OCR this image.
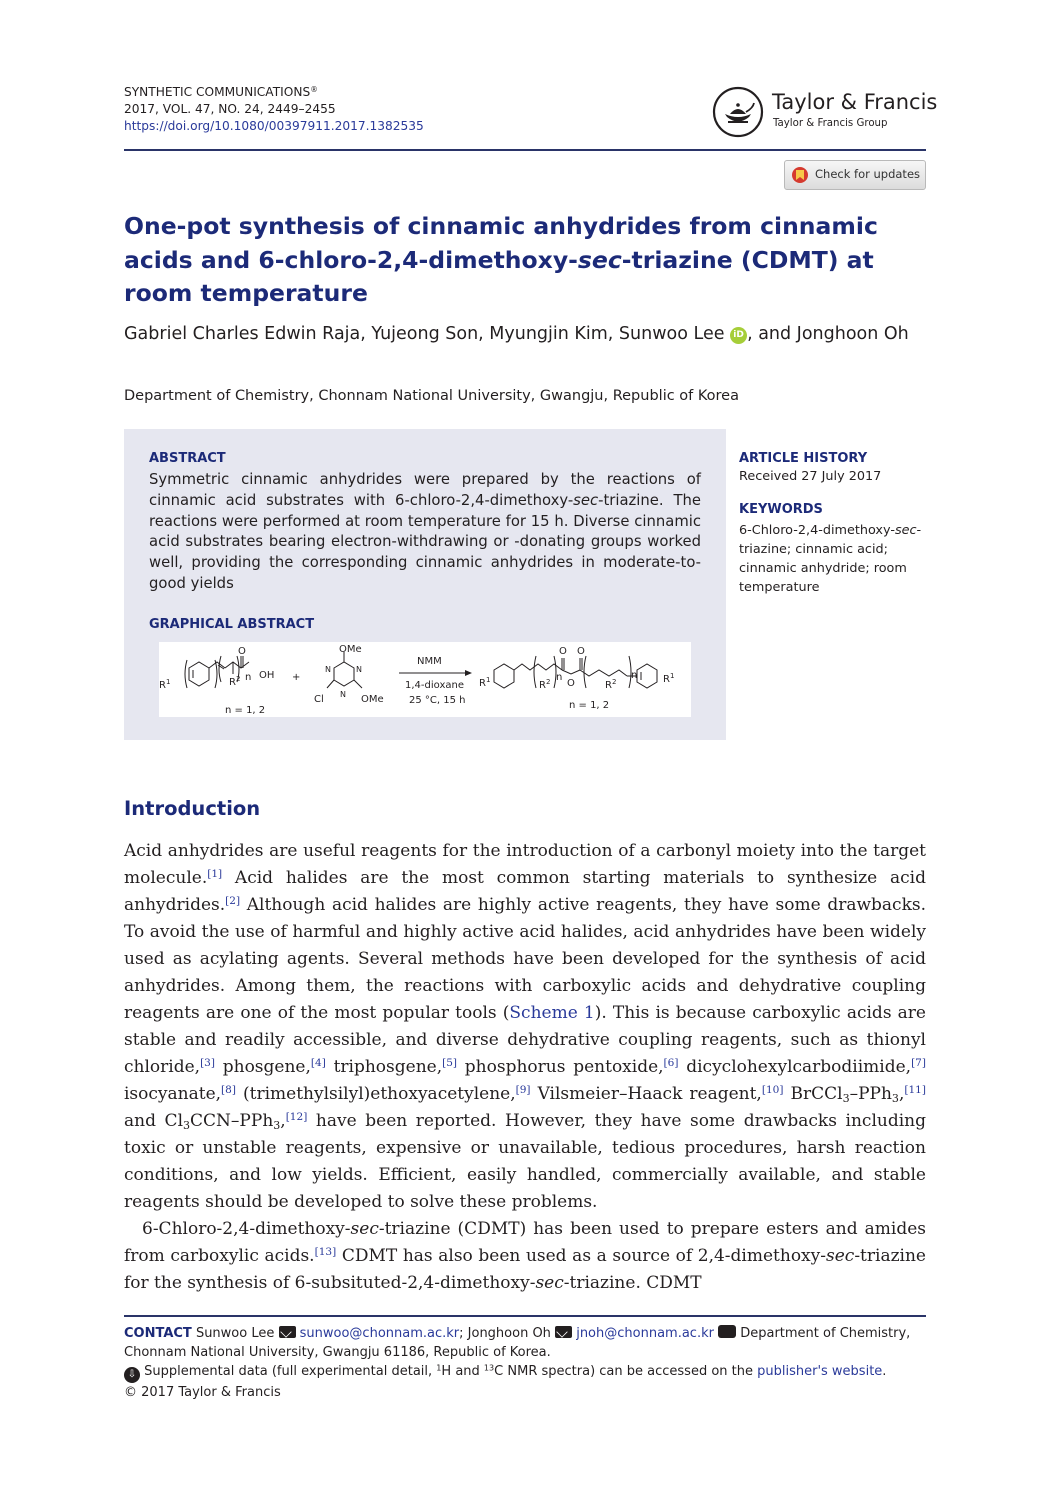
SYNTHETIC COMMUNICATIONS®
2017, VOL. 47, NO. 24, 2449–2455
https://doi.org/10.1080/00397911.2017.1382535
Taylor & Francis
Taylor & Francis Group
Check for updates
One-pot synthesis of cinnamic anhydrides from cinnamic acids and 6-chloro-2,4-dimethoxy-sec-triazine (CDMT) at room temperature
Gabriel Charles Edwin Raja, Yujeong Son, Myungjin Kim, Sunwoo Lee iD , and Jonghoon Oh
Department of Chemistry, Chonnam National University, Gwangju, Republic of Korea
ABSTRACT
Symmetric cinnamic anhydrides were prepared by the reactions of cinnamic acid substrates with 6-chloro-2,4-dimethoxy-sec-triazine. The reactions were performed at room temperature for 15 h. Diverse cinnamic acid substrates bearing electron-withdrawing or -donating groups worked well, providing the corresponding cinnamic anhydrides in moderate-to-good yields
GRAPHICAL ABSTRACT
$R^1$
O
OH
n
$R^2$
n = 1, 2
+
OMe
N	N
N
Cl	OMe
NMM
1,4-dioxane
25 °C, 15 h
$R^1$
O
O
O
n	n
$R^2$	$R^2$	$R^1$
n = 1, 2
ARTICLE HISTORY
Received 27 July 2017
KEYWORDS
6-Chloro-2,4-dimethoxy-sec-triazine; cinnamic acid; cinnamic anhydride; room temperature
Introduction

Acid anhydrides are useful reagents for the introduction of a carbonyl moiety into the target molecule.[1] Acid halides are the most common starting materials to synthesize acid anhydrides.[2] Although acid halides are highly active reagents, they have some drawbacks. To avoid the use of harmful and highly active acid halides, acid anhydrides have been widely used as acylating agents. Several methods have been developed for the synthesis of acid anhydrides. Among them, the reactions with carboxylic acids and dehydrative coupling reagents are one of the most popular tools (Scheme 1). This is because carboxylic acids are stable and readily accessible, and diverse dehydrative coupling reagents, such as thionyl chloride,[3] phosgene,[4] triphosgene,[5] phosphorus pentoxide,[6] dicyclohexylcarbodiimide,[7] isocyanate,[8] (trimethylsilyl)ethoxyacetylene,[9] Vilsmeier–Haack reagent,[10] BrCCl$_3$–PPh$_3$,[11] and $Cl_3CCN-PPh_3,[12]$ have been reported. However, they have some drawbacks including toxic or unstable reagents, expensive or unavailable, tedious procedures, harsh reaction conditions, and low yields. Efficient, easily handled, commercially available, and stable reagents should be developed to solve these problems.

6-Chloro-2,4-dimethoxy-sec-triazine (CDMT) has been used to prepare esters and amides from carboxylic acids.[13] CDMT has also been used as a source of 2,4-dimethoxy-sec-triazine for the synthesis of 6-subsituted-2,4-dimethoxy-sec-triazine. CDMT

CONTACT Sunwoo Lee  sunwoo@chonnam.ac.kr; Jonghoon Oh  jnoh@chonnam.ac.kr  Department of Chemistry, Chonnam National University, Gwangju 61186, Republic of Korea.
⇩ Supplemental data (full experimental detail, $^1$H and $^{13}$C NMR spectra) can be accessed on the publisher's website.
© 2017 Taylor & Francis
